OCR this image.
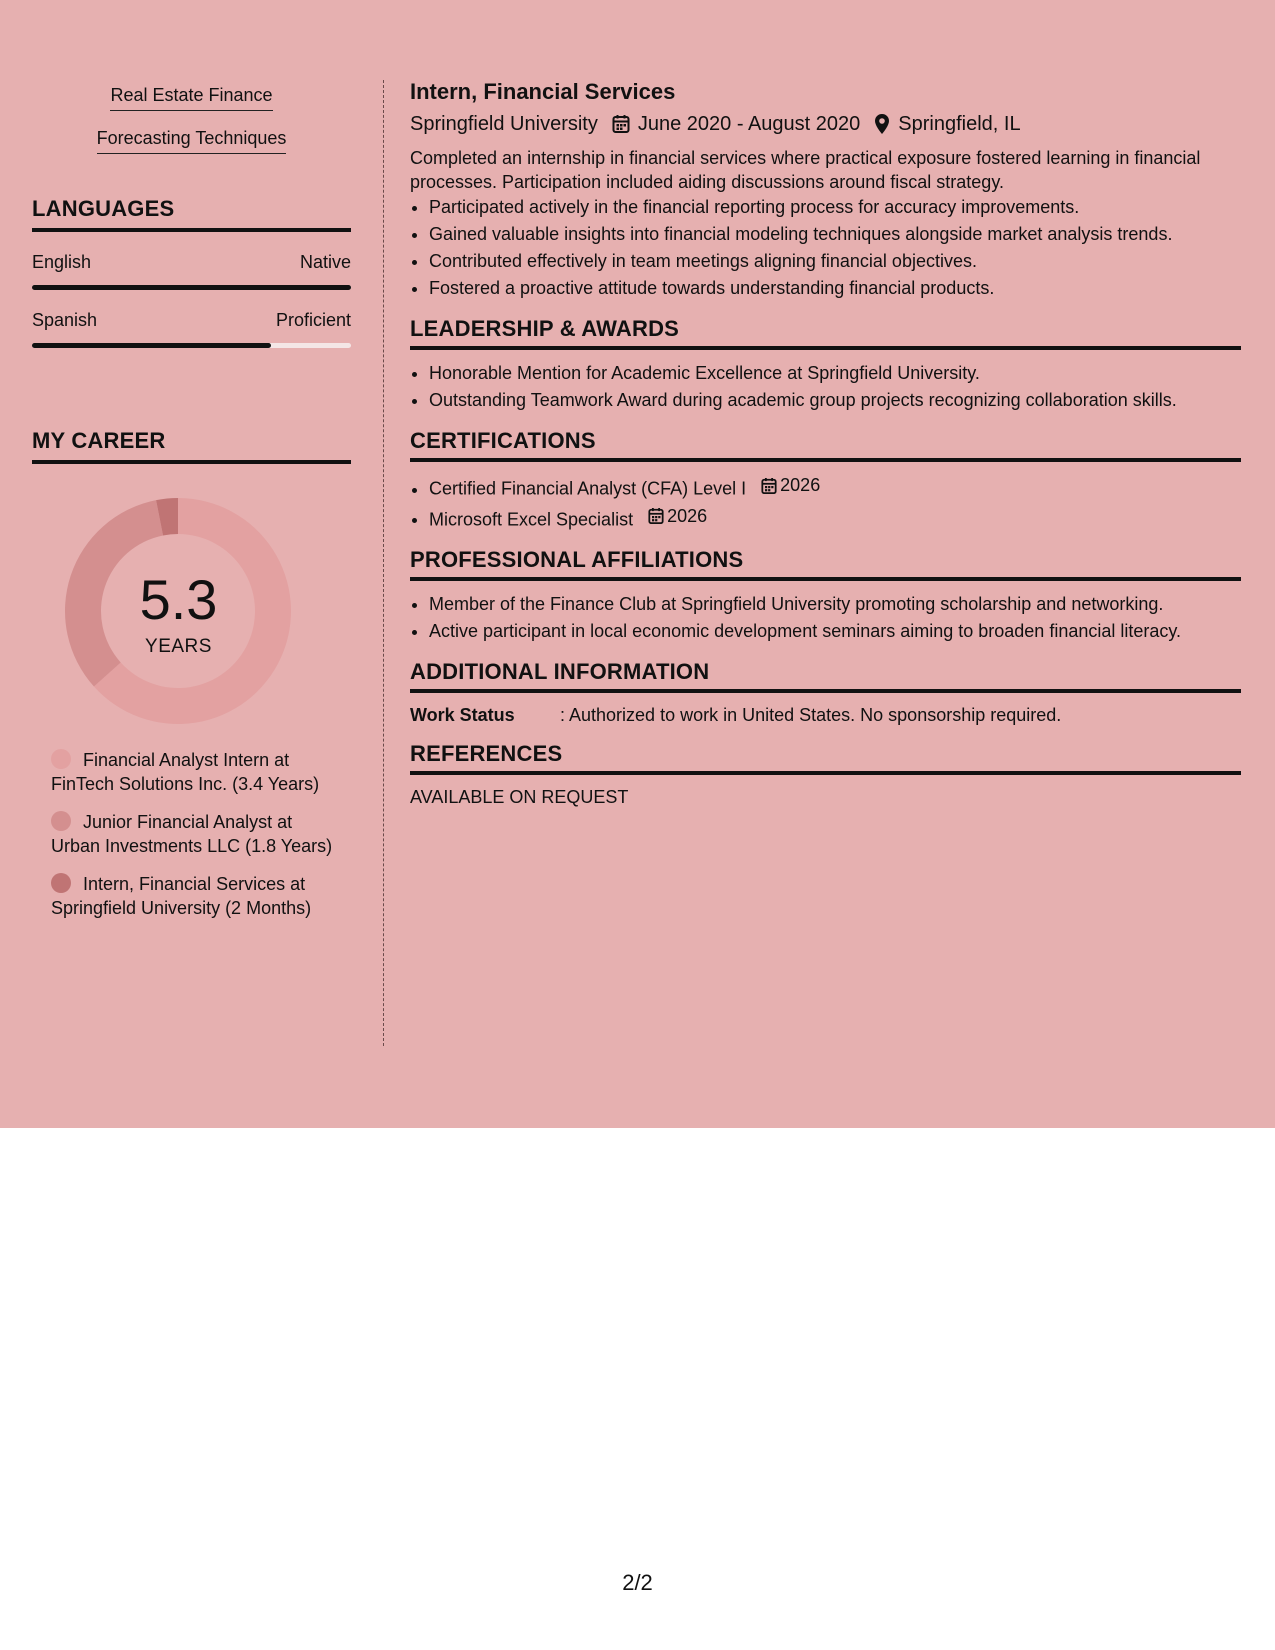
Real Estate Finance
Forecasting Techniques
LANGUAGES
English	Native
Spanish	Proficient
MY CAREER
5.3
YEARS
Financial Analyst Intern at FinTech Solutions Inc. (3.4 Years)
Junior Financial Analyst at Urban Investments LLC (1.8 Years)
Intern, Financial Services at Springfield University (2 Months)
Intern, Financial Services
Springfield University June 2020 - August 2020 Springfield, IL
Completed an internship in financial services where practical exposure fostered learning in financial processes. Participation included aiding discussions around fiscal strategy.
• Participated actively in the financial reporting process for accuracy improvements.
• Gained valuable insights into financial modeling techniques alongside market analysis trends.
• Contributed effectively in team meetings aligning financial objectives.
• Fostered a proactive attitude towards understanding financial products.
LEADERSHIP & AWARDS
• Honorable Mention for Academic Excellence at Springfield University.
• Outstanding Teamwork Award during academic group projects recognizing collaboration skills.
CERTIFICATIONS
• Certified Financial Analyst (CFA) Level I 2026
• Microsoft Excel Specialist 2026
PROFESSIONAL AFFILIATIONS
• Member of the Finance Club at Springfield University promoting scholarship and networking.
• Active participant in local economic development seminars aiming to broaden financial literacy.
ADDITIONAL INFORMATION
Work Status	: Authorized to work in United States. No sponsorship required.
REFERENCES
AVAILABLE ON REQUEST
2/2
